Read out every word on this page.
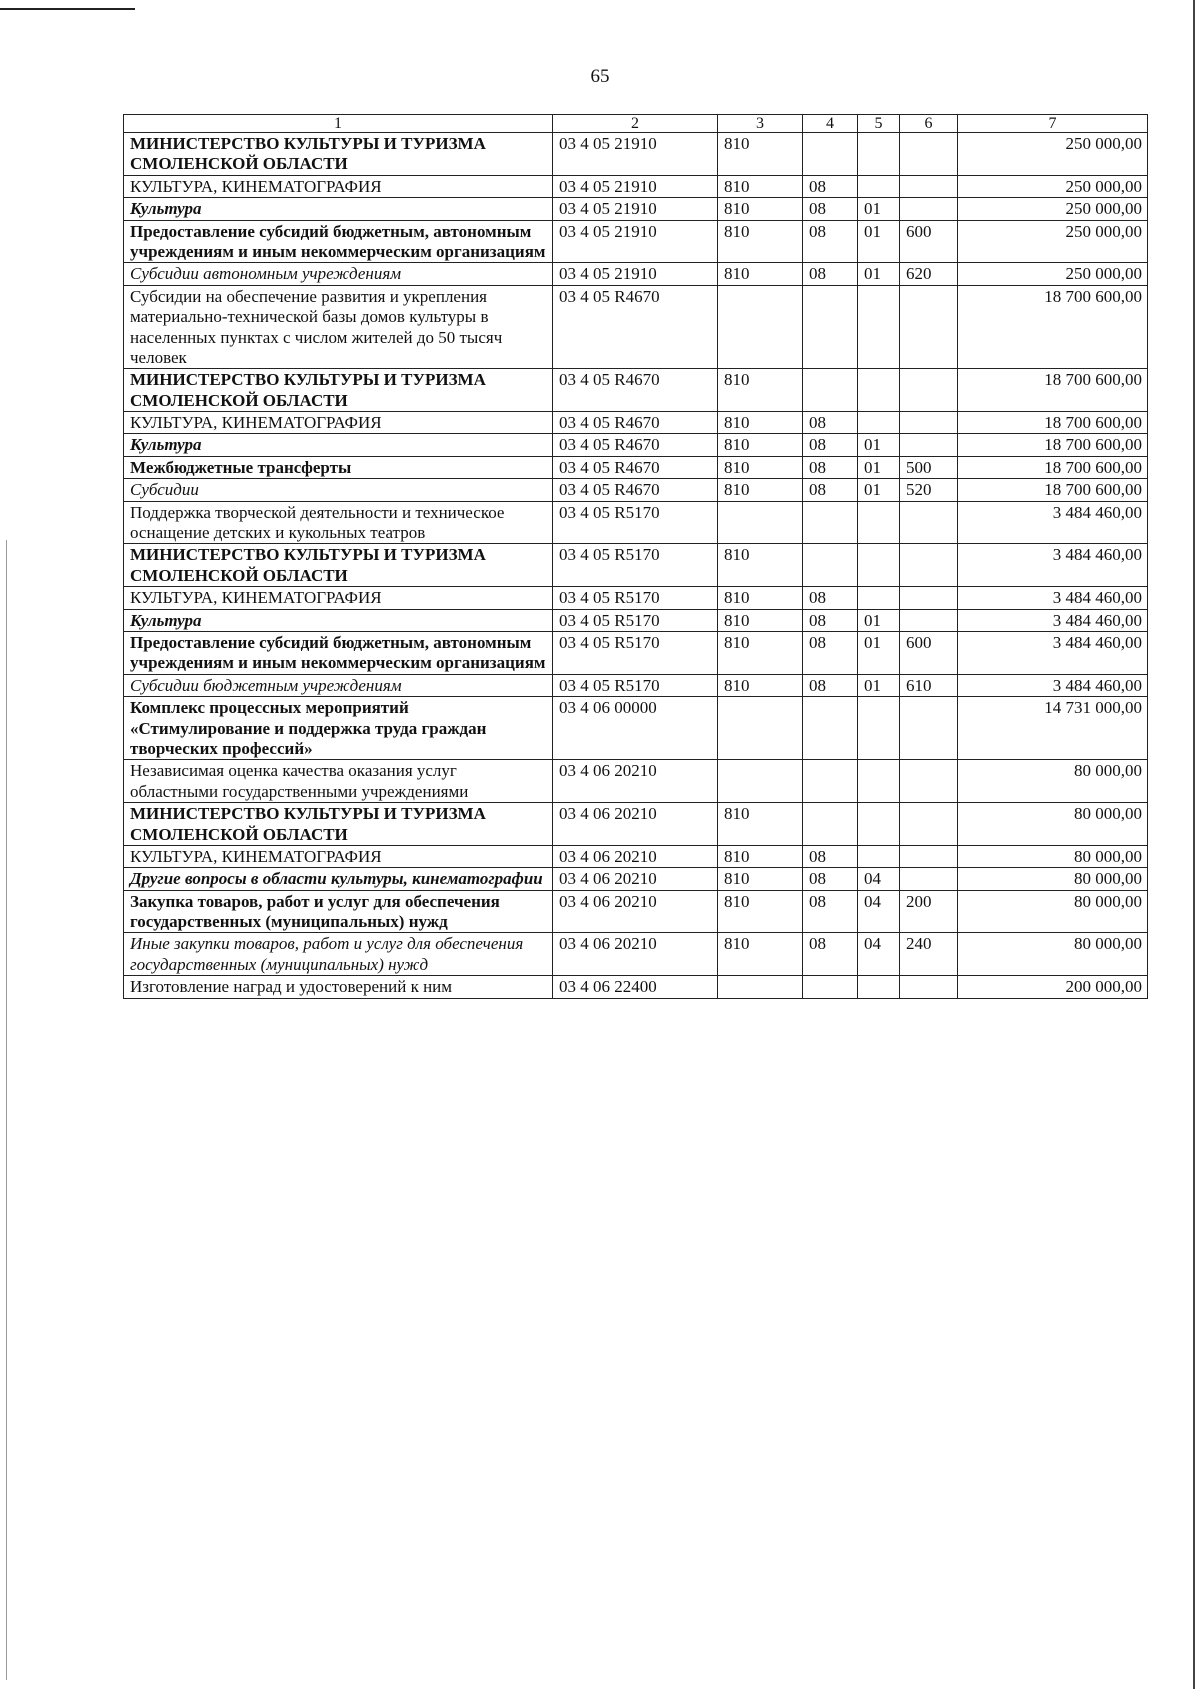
65
1	2	3	4	5	6	7
МИНИСТЕРСТВО КУЛЬТУРЫ И ТУРИЗМА СМОЛЕНСКОЙ ОБЛАСТИ	03 4 05 21910	810				250 000,00
КУЛЬТУРА, КИНЕМАТОГРАФИЯ	03 4 05 21910	810	08			250 000,00
Культура	03 4 05 21910	810	08	01		250 000,00
Предоставление субсидий бюджетным, автономным учреждениям и иным некоммерческим организациям	03 4 05 21910	810	08	01	600	250 000,00
Субсидии автономным учреждениям	03 4 05 21910	810	08	01	620	250 000,00
Субсидии на обеспечение развития и укрепления материально-технической базы домов культуры в населенных пунктах с числом жителей до 50 тысяч человек	03 4 05 R4670					18 700 600,00
МИНИСТЕРСТВО КУЛЬТУРЫ И ТУРИЗМА СМОЛЕНСКОЙ ОБЛАСТИ	03 4 05 R4670	810				18 700 600,00
КУЛЬТУРА, КИНЕМАТОГРАФИЯ	03 4 05 R4670	810	08			18 700 600,00
Культура	03 4 05 R4670	810	08	01		18 700 600,00
Межбюджетные трансферты	03 4 05 R4670	810	08	01	500	18 700 600,00
Субсидии	03 4 05 R4670	810	08	01	520	18 700 600,00
Поддержка творческой деятельности и техническое оснащение детских и кукольных театров	03 4 05 R5170					3 484 460,00
МИНИСТЕРСТВО КУЛЬТУРЫ И ТУРИЗМА СМОЛЕНСКОЙ ОБЛАСТИ	03 4 05 R5170	810				3 484 460,00
КУЛЬТУРА, КИНЕМАТОГРАФИЯ	03 4 05 R5170	810	08			3 484 460,00
Культура	03 4 05 R5170	810	08	01		3 484 460,00
Предоставление субсидий бюджетным, автономным учреждениям и иным некоммерческим организациям	03 4 05 R5170	810	08	01	600	3 484 460,00
Субсидии бюджетным учреждениям	03 4 05 R5170	810	08	01	610	3 484 460,00
Комплекс процессных мероприятий «Стимулирование и поддержка труда граждан творческих профессий»	03 4 06 00000					14 731 000,00
Независимая оценка качества оказания услуг областными государственными учреждениями	03 4 06 20210					80 000,00
МИНИСТЕРСТВО КУЛЬТУРЫ И ТУРИЗМА СМОЛЕНСКОЙ ОБЛАСТИ	03 4 06 20210	810				80 000,00
КУЛЬТУРА, КИНЕМАТОГРАФИЯ	03 4 06 20210	810	08			80 000,00
Другие вопросы в области культуры, кинематографии	03 4 06 20210	810	08	04		80 000,00
Закупка товаров, работ и услуг для обеспечения государственных (муниципальных) нужд	03 4 06 20210	810	08	04	200	80 000,00
Иные закупки товаров, работ и услуг для обеспечения государственных (муниципальных) нужд	03 4 06 20210	810	08	04	240	80 000,00
Изготовление наград и удостоверений к ним	03 4 06 22400					200 000,00
